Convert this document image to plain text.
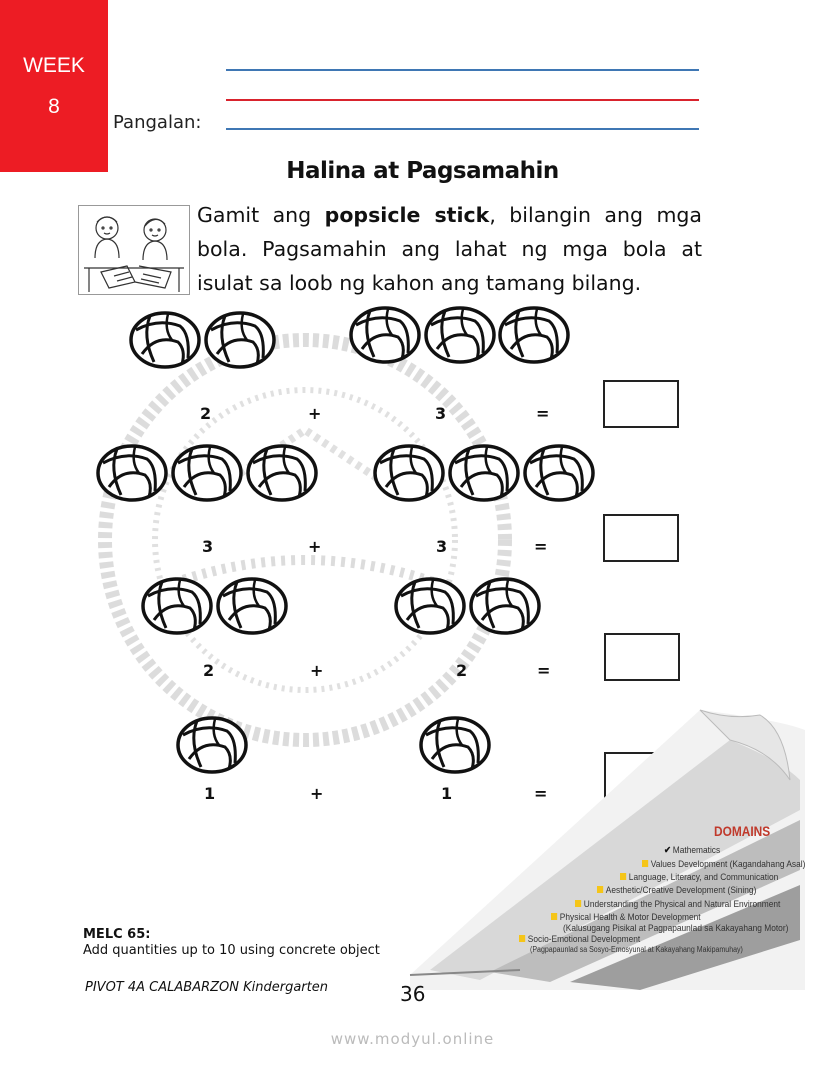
WEEK
8
Pangalan:
Halina at Pagsamahin
Gamit ang popsicle stick, bilangin ang mga bola. Pagsamahin ang lahat ng mga bola at isulat sa loob ng kahon ang tamang bilang.
2	+	3	=
3	+	3	=
2	+	2	=
1	+	1	=
DOMAINS
✔ Mathematics
Values Development (Kagandahang Asal)
Language, Literacy, and Communication
Aesthetic/Creative Development (Sining)
Understanding the Physical and Natural Environment
Physical Health & Motor Development
(Kalusugang Pisikal at Pagpapaunlad sa Kakayahang Motor)
Socio-Emotional Development
(Pagpapaunlad sa Sosyo-Emosyunal at Kakayahang Makipamuhay)
MELC 65:
Add quantities up to 10 using concrete object
PIVOT 4A CALABARZON Kindergarten	36
www.modyul.online
